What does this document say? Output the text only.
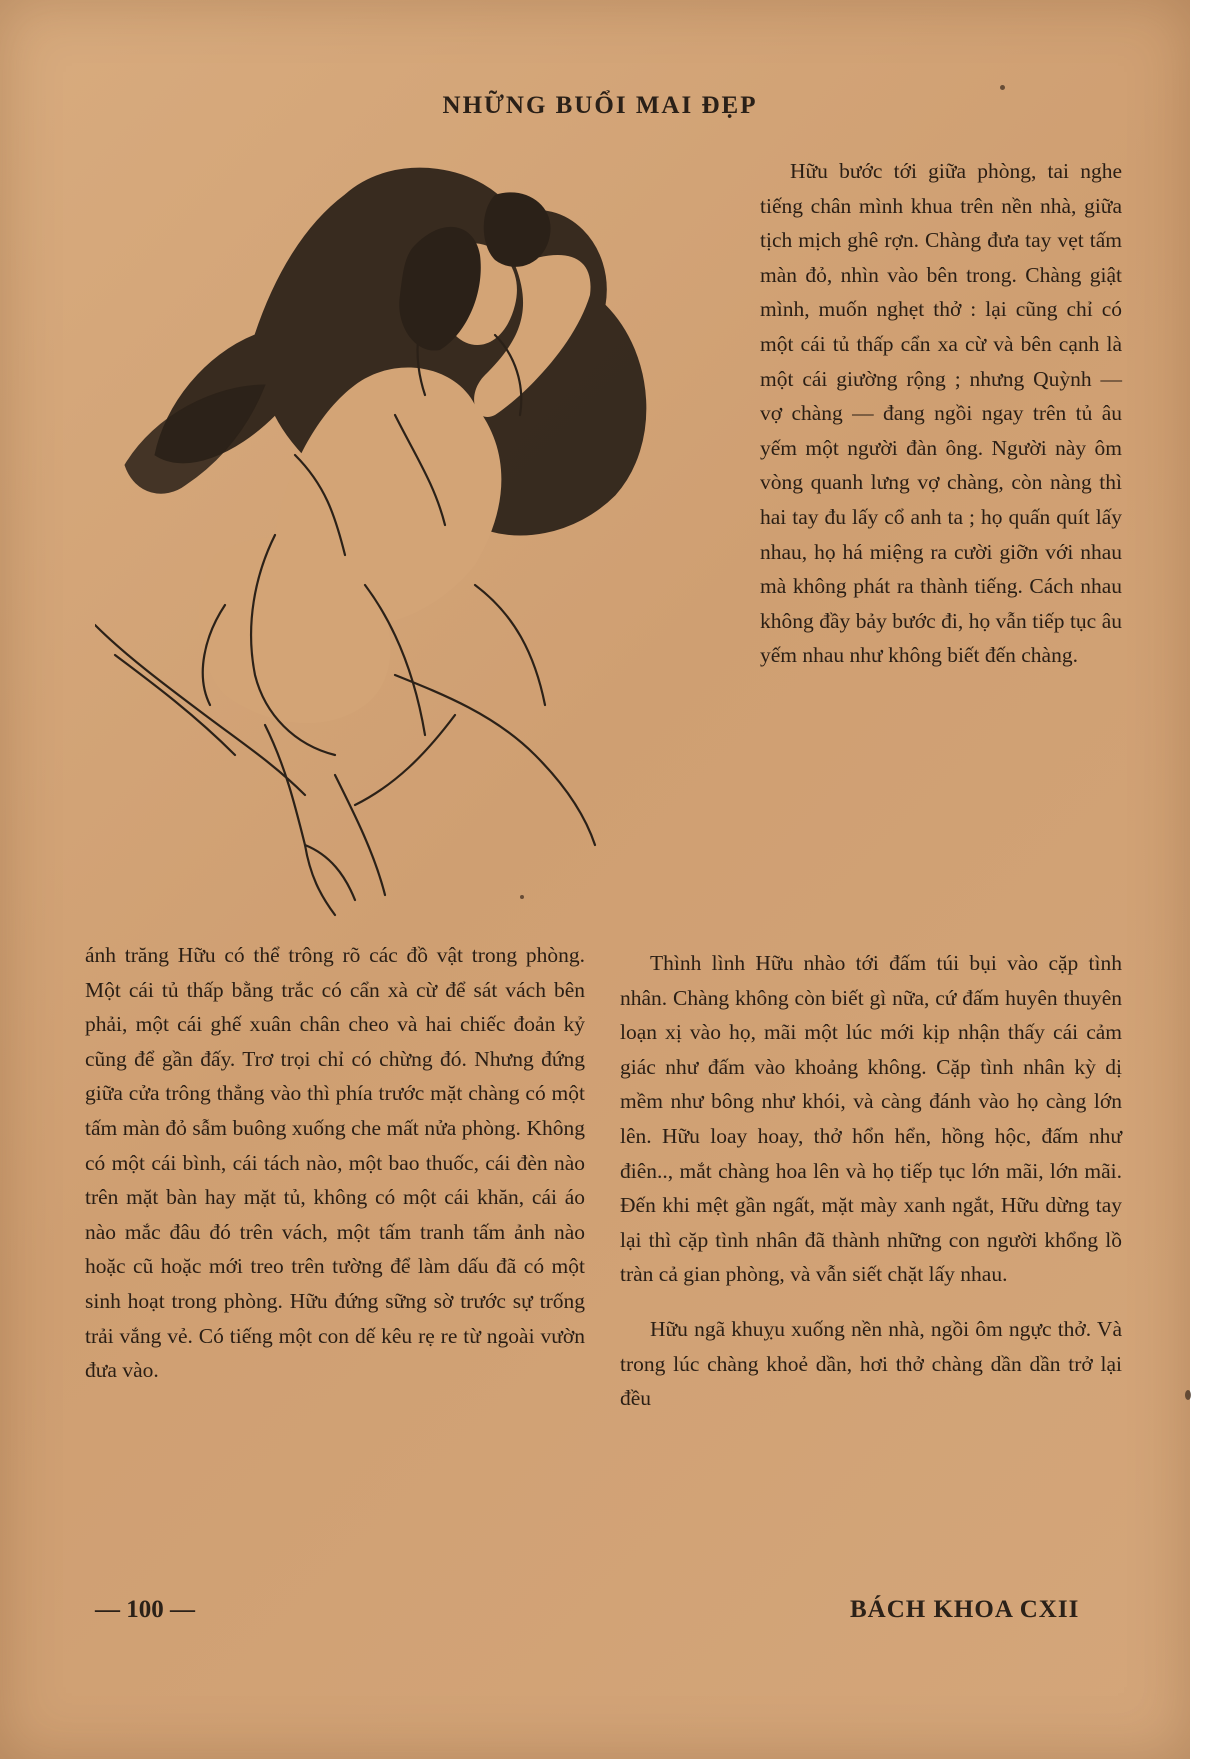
NHỮNG BUỔI MAI ĐẸP

Hữu bước tới giữa phòng, tai nghe tiếng chân mình khua trên nền nhà, giữa tịch mịch ghê rợn. Chàng đưa tay vẹt tấm màn đỏ, nhìn vào bên trong. Chàng giật mình, muốn nghẹt thở : lại cũng chỉ có một cái tủ thấp cẩn xa cừ và bên cạnh là một cái giường rộng ; nhưng Quỳnh — vợ chàng — đang ngồi ngay trên tủ âu yếm một người đàn ông. Người này ôm vòng quanh lưng vợ chàng, còn nàng thì hai tay đu lấy cổ anh ta ; họ quấn quít lấy nhau, họ há miệng ra cười giỡn với nhau mà không phát ra thành tiếng. Cách nhau không đầy bảy bước đi, họ vẫn tiếp tục âu yếm nhau như không biết đến chàng.

ánh trăng Hữu có thể trông rõ các đồ vật trong phòng. Một cái tủ thấp bằng trắc có cẩn xà cừ để sát vách bên phải, một cái ghế xuân chân cheo và hai chiếc đoản kỷ cũng để gần đấy. Trơ trọi chỉ có chừng đó. Nhưng đứng giữa cửa trông thẳng vào thì phía trước mặt chàng có một tấm màn đỏ sẫm buông xuống che mất nửa phòng. Không có một cái bình, cái tách nào, một bao thuốc, cái đèn nào trên mặt bàn hay mặt tủ, không có một cái khăn, cái áo nào mắc đâu đó trên vách, một tấm tranh tấm ảnh nào hoặc cũ hoặc mới treo trên tường để làm dấu đã có một sinh hoạt trong phòng. Hữu đứng sững sờ trước sự trống trải vắng vẻ. Có tiếng một con dế kêu rẹ re từ ngoài vườn đưa vào.

Thình lình Hữu nhào tới đấm túi bụi vào cặp tình nhân. Chàng không còn biết gì nữa, cứ đấm huyên thuyên loạn xị vào họ, mãi một lúc mới kịp nhận thấy cái cảm giác như đấm vào khoảng không. Cặp tình nhân kỳ dị mềm như bông như khói, và càng đánh vào họ càng lớn lên. Hữu loay hoay, thở hổn hển, hồng hộc, đấm như điên.., mắt chàng hoa lên và họ tiếp tục lớn mãi, lớn mãi. Đến khi mệt gần ngất, mặt mày xanh ngắt, Hữu dừng tay lại thì cặp tình nhân đã thành những con người khổng lồ tràn cả gian phòng, và vẫn siết chặt lấy nhau.

Hữu ngã khuỵu xuống nền nhà, ngồi ôm ngực thở. Và trong lúc chàng khoẻ dần, hơi thở chàng dần dần trở lại đều

— 100 —	BÁCH KHOA CXII
